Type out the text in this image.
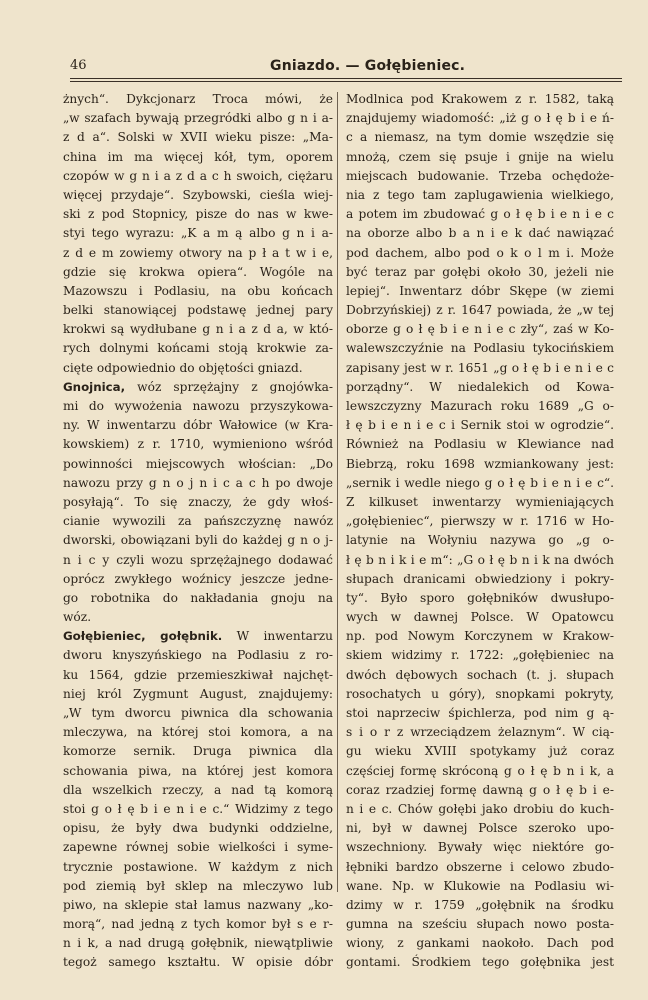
46	Gniazdo. — Gołębieniec.
żnych“. Dykcjonarz Troca mówi, że
„w szafach bywają przegródki albo g n i a-
z d a“. Solski w XVII wieku pisze: „Ma-
china im ma więcej kół, tym, oporem
czopów w g n i a z d a c h swoich, ciężaru
więcej przydaje“. Szybowski, cieśla wiej-
ski z pod Stopnicy, pisze do nas w kwe-
styi tego wyrazu: „K a m ą albo g n i a-
z d e m zowiemy otwory na p ł a t w i e,
gdzie się krokwa opiera“. Wogóle na
Mazowszu i Podlasiu, na obu końcach
belki stanowiącej podstawę jednej pary
krokwi są wydłubane g n i a z d a, w któ-
rych dolnymi końcami stoją krokwie za-
cięte odpowiednio do objętości gniazd.
Gnojnica, wóz sprzężajny z gnojówka-
mi do wywożenia nawozu przyszykowa-
ny. W inwentarzu dóbr Wałowice (w Kra-
kowskiem) z r. 1710, wymieniono wśród
powinności miejscowych włościan: „Do
nawozu przy g n o j n i c a c h po dwoje
posyłają“. To się znaczy, że gdy włoś-
cianie wywozili za pańszczyznę nawóz
dworski, obowiązani byli do każdej g n o j-
n i c y czyli wozu sprzężajnego dodawać
oprócz zwykłego woźnicy jeszcze jedne-
go robotnika do nakładania gnoju na
wóz.
Gołębieniec, gołębnik. W inwentarzu
dworu knyszyńskiego na Podlasiu z ro-
ku 1564, gdzie przemieszkiwał najchęt-
niej król Zygmunt August, znajdujemy:
„W tym dworcu piwnica dla schowania
mleczywa, na której stoi komora, a na
komorze sernik. Druga piwnica dla
schowania piwa, na której jest komora
dla wszelkich rzeczy, a nad tą komorą
stoi g o ł ę b i e n i e c.“ Widzimy z tego
opisu, że były dwa budynki oddzielne,
zapewne równej sobie wielkości i syme-
trycznie postawione. W każdym z nich
pod ziemią był sklep na mleczywo lub
piwo, na sklepie stał lamus nazwany „ko-
morą“, nad jedną z tych komor był s e r-
n i k, a nad drugą gołębnik, niewątpliwie
tegoż samego kształtu. W opisie dóbr
Modlnica pod Krakowem z r. 1582, taką
znajdujemy wiadomość: „iż g o ł ę b i e ń-
c a niemasz, na tym domie wszędzie się
mnożą, czem się psuje i gnije na wielu
miejscach budowanie. Trzeba ochędoże-
nia z tego tam zaplugawienia wielkiego,
a potem im zbudować g o ł ę b i e n i e c
na oborze albo b a n i e k dać nawiązać
pod dachem, albo pod o k o l m i. Może
być teraz par gołębi około 30, jeżeli nie
lepiej“. Inwentarz dóbr Skępe (w ziemi
Dobrzyńskiej) z r. 1647 powiada, że „w tej
oborze g o ł ę b i e n i e c zły“, zaś w Ko-
walewszczyźnie na Podlasiu tykocińskiem
zapisany jest w r. 1651 „g o ł ę b i e n i e c
porządny“. W niedalekich od Kowa-
lewszczyzny Mazurach roku 1689 „G o-
ł ę b i e n i e c i Sernik stoi w ogrodzie“.
Również na Podlasiu w Klewiance nad
Biebrzą, roku 1698 wzmiankowany jest:
„sernik i wedle niego g o ł ę b i e n i e c“.
Z kilkuset inwentarzy wymieniających
„gołębieniec“, pierwszy w r. 1716 w Ho-
latynie na Wołyniu nazywa go „g o-
ł ę b n i k i e m“: „G o ł ę b n i k na dwóch
słupach dranicami obwiedziony i pokry-
ty“. Było sporo gołębników dwusłupo-
wych w dawnej Polsce. W Opatowcu
np. pod Nowym Korczynem w Krakow-
skiem widzimy r. 1722: „gołębieniec na
dwóch dębowych sochach (t. j. słupach
rosochatych u góry), snopkami pokryty,
stoi naprzeciw śpichlerza, pod nim g ą-
s i o r z wrzeciądzem żelaznym“. W cią-
gu wieku XVIII spotykamy już coraz
częściej formę skróconą g o ł ę b n i k, a
coraz rzadziej formę dawną g o ł ę b i e-
n i e c. Chów gołębi jako drobiu do kuch-
ni, był w dawnej Polsce szeroko upo-
wszechniony. Bywały więc niektóre go-
łębniki bardzo obszerne i celowo zbudo-
wane. Np. w Klukowie na Podlasiu wi-
dzimy w r. 1759 „gołębnik na środku
gumna na sześciu słupach nowo posta-
wiony, z gankami naokoło. Dach pod
gontami. Środkiem tego gołębnika jest
